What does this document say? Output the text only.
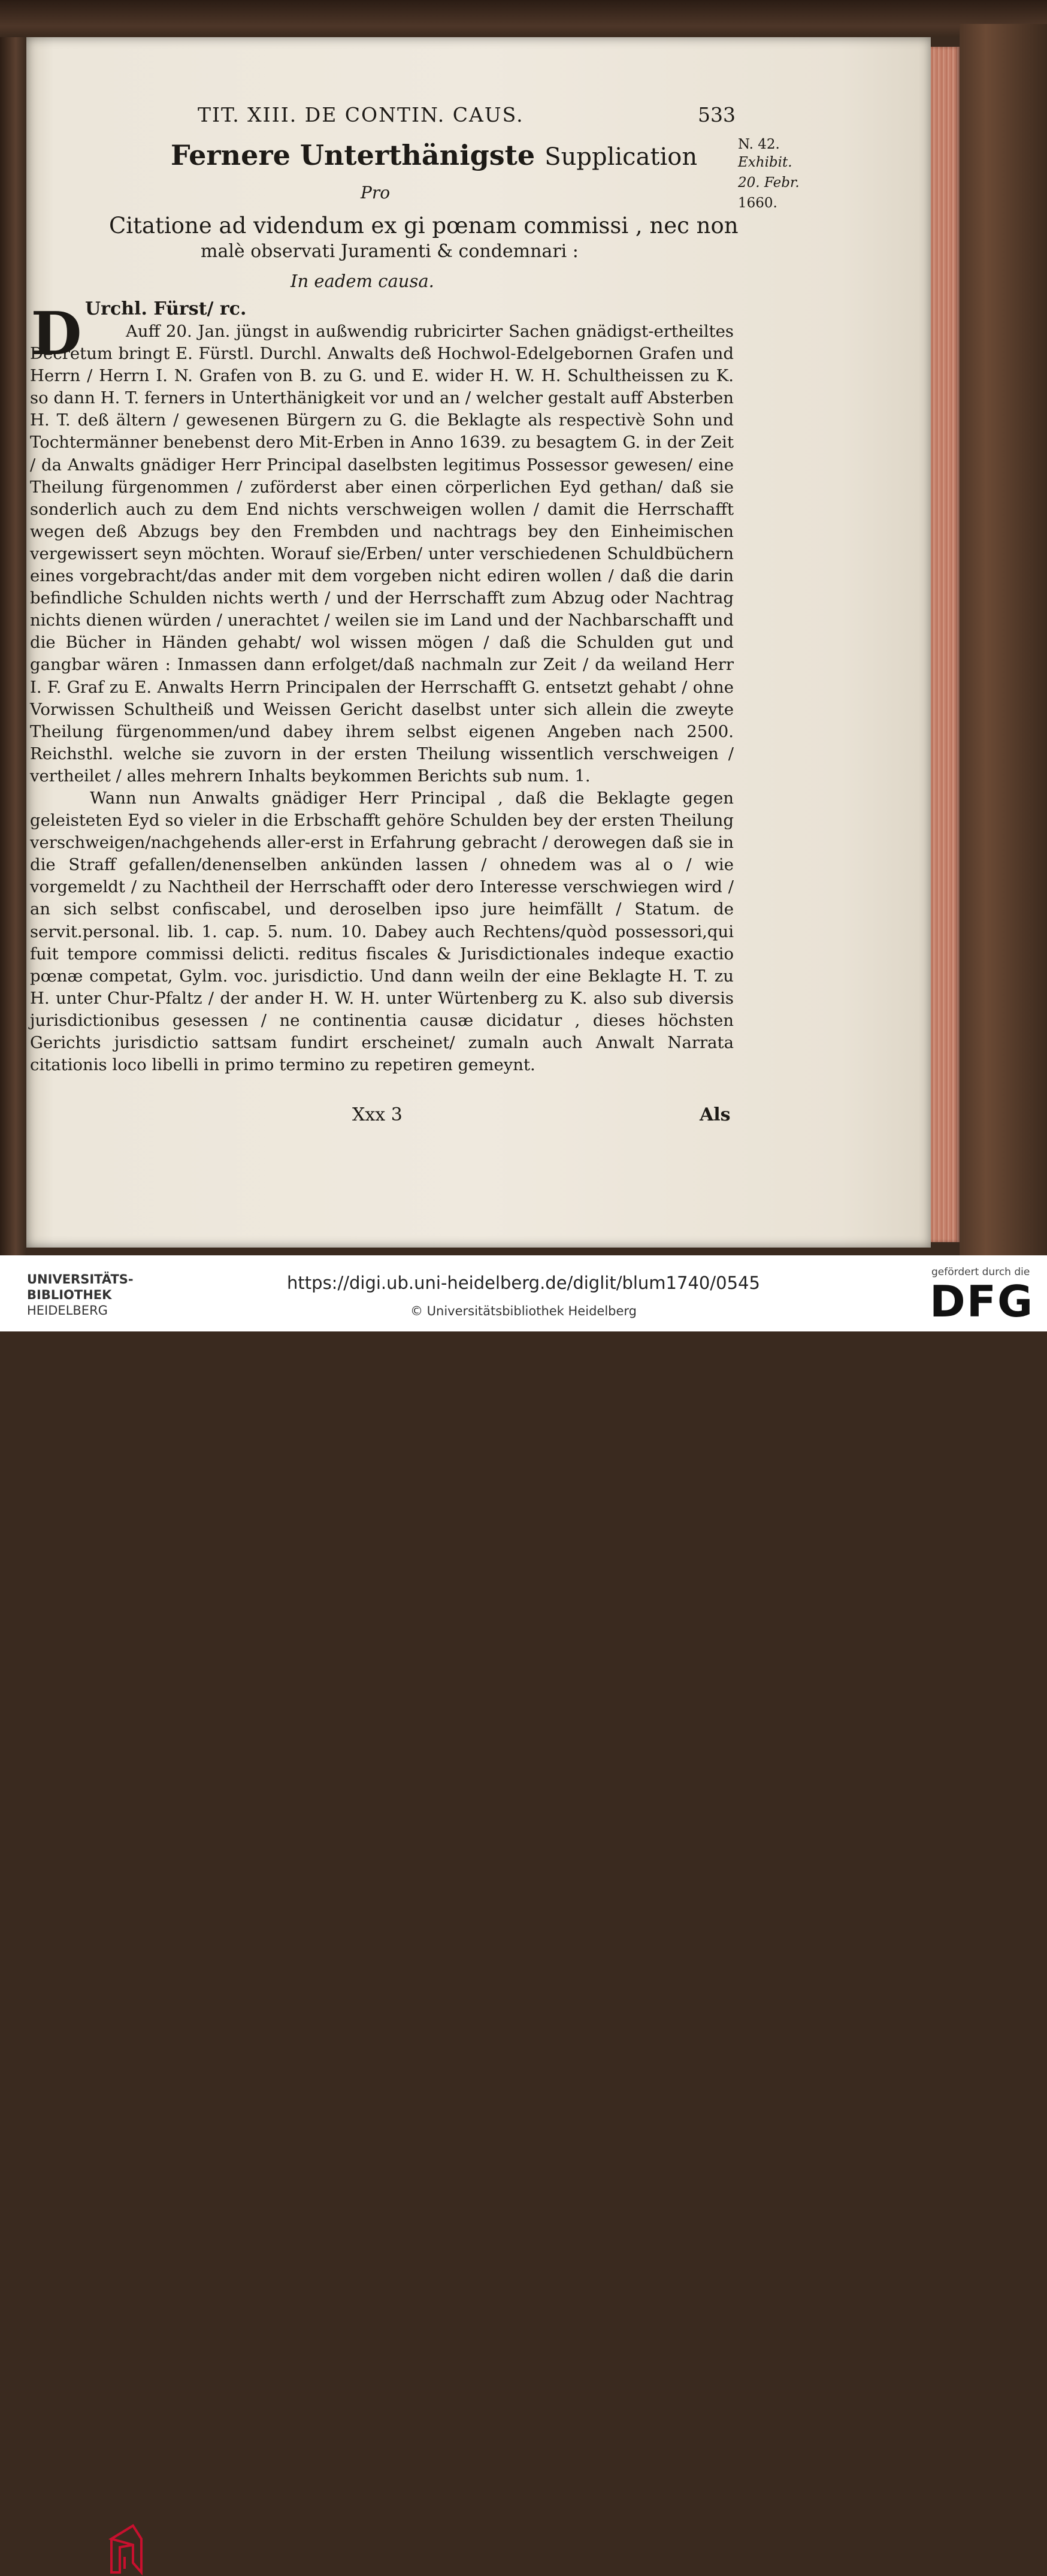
TIT. XIII. DE CONTIN. CAUS.	533

N. 42.

Exhibit.

20. Febr.

1660.

Fernere Unterthänigste Supplication

Pro

Citatione ad videndum ex gi pœnam commissi , nec non

malè observati Juramenti & condemnari :

In eadem causa.

D Urchl. Fürst/ rc.

Auff 20. Jan. jüngst in außwendig rubricirter Sachen gnädigst-ertheiltes Decretum bringt E. Fürstl. Durchl. Anwalts deß Hochwol-Edelgebornen Grafen und Herrn / Herrn I. N. Grafen von B. zu G. und E. wider H. W. H. Schultheissen zu K. so dann H. T. ferners in Unterthänigkeit vor und an / welcher gestalt auff Absterben H. T. deß ältern / gewesenen Bürgern zu G. die Beklagte als respectivè Sohn und Tochtermänner benebenst dero Mit-Erben in Anno 1639. zu besagtem G. in der Zeit / da Anwalts gnädiger Herr Principal daselbsten legitimus Possessor gewesen/ eine Theilung fürgenommen / zuförderst aber einen cörperlichen Eyd gethan/ daß sie sonderlich auch zu dem End nichts verschweigen wollen / damit die Herrschafft wegen deß Abzugs bey den Frembden und nachtrags bey den Einheimischen vergewissert seyn möchten. Worauf sie/Erben/ unter verschiedenen Schuldbüchern eines vorgebracht/das ander mit dem vorgeben nicht ediren wollen / daß die darin befindliche Schulden nichts werth / und der Herrschafft zum Abzug oder Nachtrag nichts dienen würden / unerachtet / weilen sie im Land und der Nachbarschafft und die Bücher in Händen gehabt/ wol wissen mögen / daß die Schulden gut und gangbar wären : Inmassen dann erfolget/daß nachmaln zur Zeit / da weiland Herr I. F. Graf zu E. Anwalts Herrn Principalen der Herrschafft G. entsetzt gehabt / ohne Vorwissen Schultheiß und Weissen Gericht daselbst unter sich allein die zweyte Theilung fürgenommen/und dabey ihrem selbst eigenen Angeben nach 2500. Reichsthl. welche sie zuvorn in der ersten Theilung wissentlich verschweigen / vertheilet / alles mehrern Inhalts beykommen Berichts sub num. 1.
Wann nun Anwalts gnädiger Herr Principal , daß die Beklagte gegen geleisteten Eyd so vieler in die Erbschafft gehöre Schulden bey der ersten Theilung verschweigen/nachgehends aller-erst in Erfahrung gebracht / derowegen daß sie in die Straff gefallen/denenselben ankünden lassen / ohnedem was al o / wie vorgemeldt / zu Nachtheil der Herrschafft oder dero Interesse verschwiegen wird / an sich selbst confiscabel, und deroselben ipso jure heimfällt / Statum. de servit.personal. lib. 1. cap. 5. num. 10. Dabey auch Rechtens/quòd possessori,qui fuit tempore commissi delicti. reditus fiscales & Jurisdictionales indeque exactio pœnæ competat, Gylm. voc. jurisdictio. Und dann weiln der eine Beklagte H. T. zu H. unter Chur-Pfaltz / der ander H. W. H. unter Würtenberg zu K. also sub diversis jurisdictionibus gesessen / ne continentia causæ dicidatur , dieses höchsten Gerichts jurisdictio sattsam fundirt erscheinet/ zumaln auch Anwalt Narrata citationis loco libelli in primo termino zu repetiren gemeynt.

Xxx 3	Als

UNIVERSITÄTS-

BIBLIOTHEK

HEIDELBERG

https://digi.ub.uni-heidelberg.de/diglit/blum1740/0545

© Universitätsbibliothek Heidelberg

gefördert durch die

DFG
